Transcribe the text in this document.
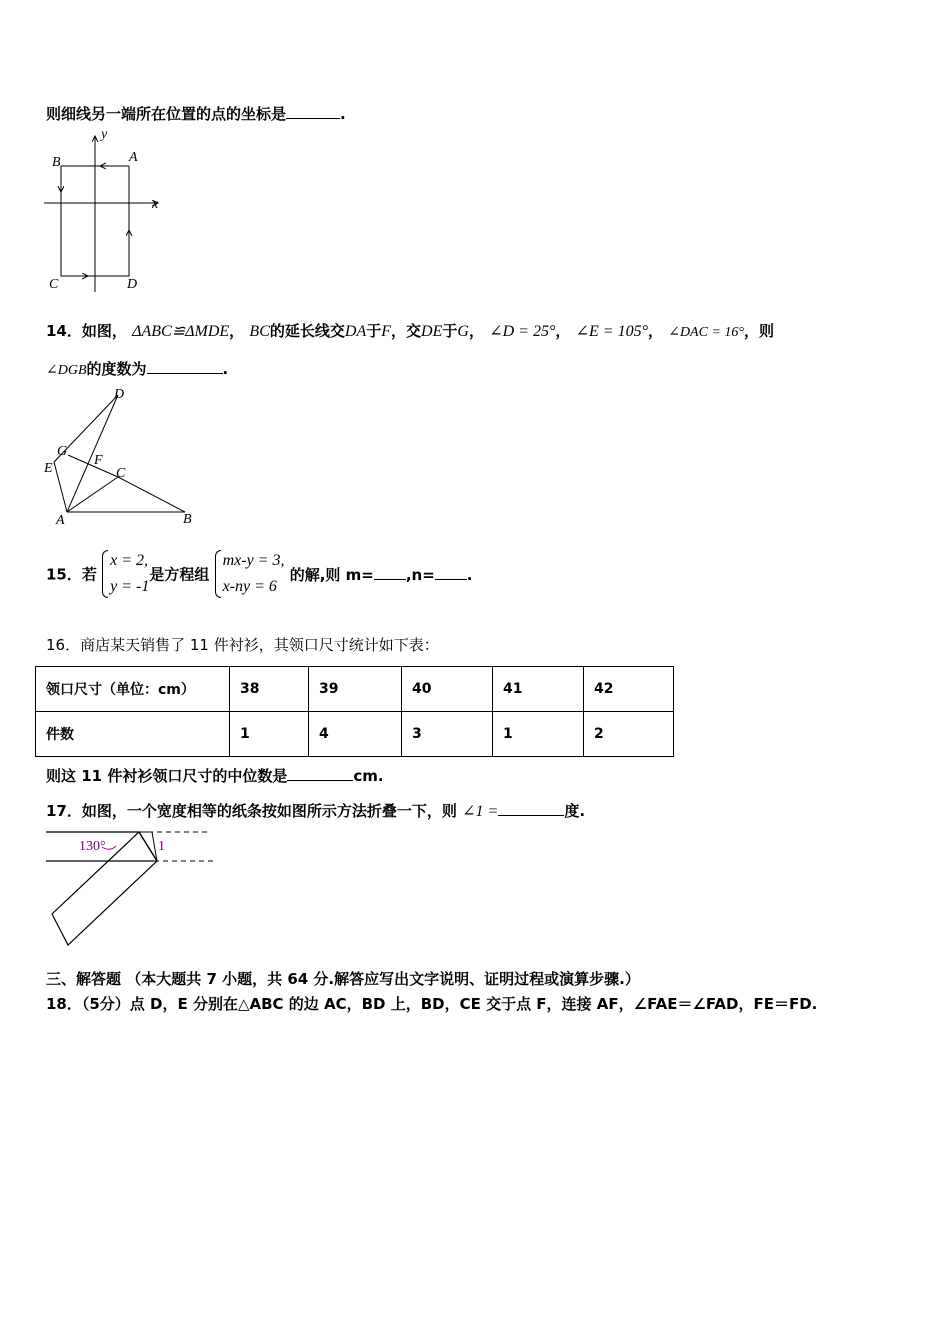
则细线另一端所在位置的点的坐标是	.
B	A
C	D
x
y
14．如图， ΔABC≌ΔMDE， BC的延长线交DA于F，交DE于G， ∠D = 25°， ∠E = 105°， ∠DAC = 16°，则
∠DGB的度数为	.
D
G
E
F
C
A	B
15．若
x = 2,
y = -1
是方程组
mx-y = 3,
x-ny = 6
的解,则 m= ,n= .
16．商店某天销售了 11 件衬衫，其领口尺寸统计如下表：
领口尺寸（单位：cm）	38	39	40	41	42
件数	1	4	3	1	2
则这 11 件衬衫领口尺寸的中位数是	cm.
17．如图，一个宽度相等的纸条按如图所示方法折叠一下，则 ∠1 =	度.
130°	1
三、解答题 （本大题共 7 小题，共 64 分.解答应写出文字说明、证明过程或演算步骤.）
18．（5分）点 D，E 分别在△ABC 的边 AC，BD 上，BD，CE 交于点 F，连接 AF，∠FAE＝∠FAD，FE＝FD.
